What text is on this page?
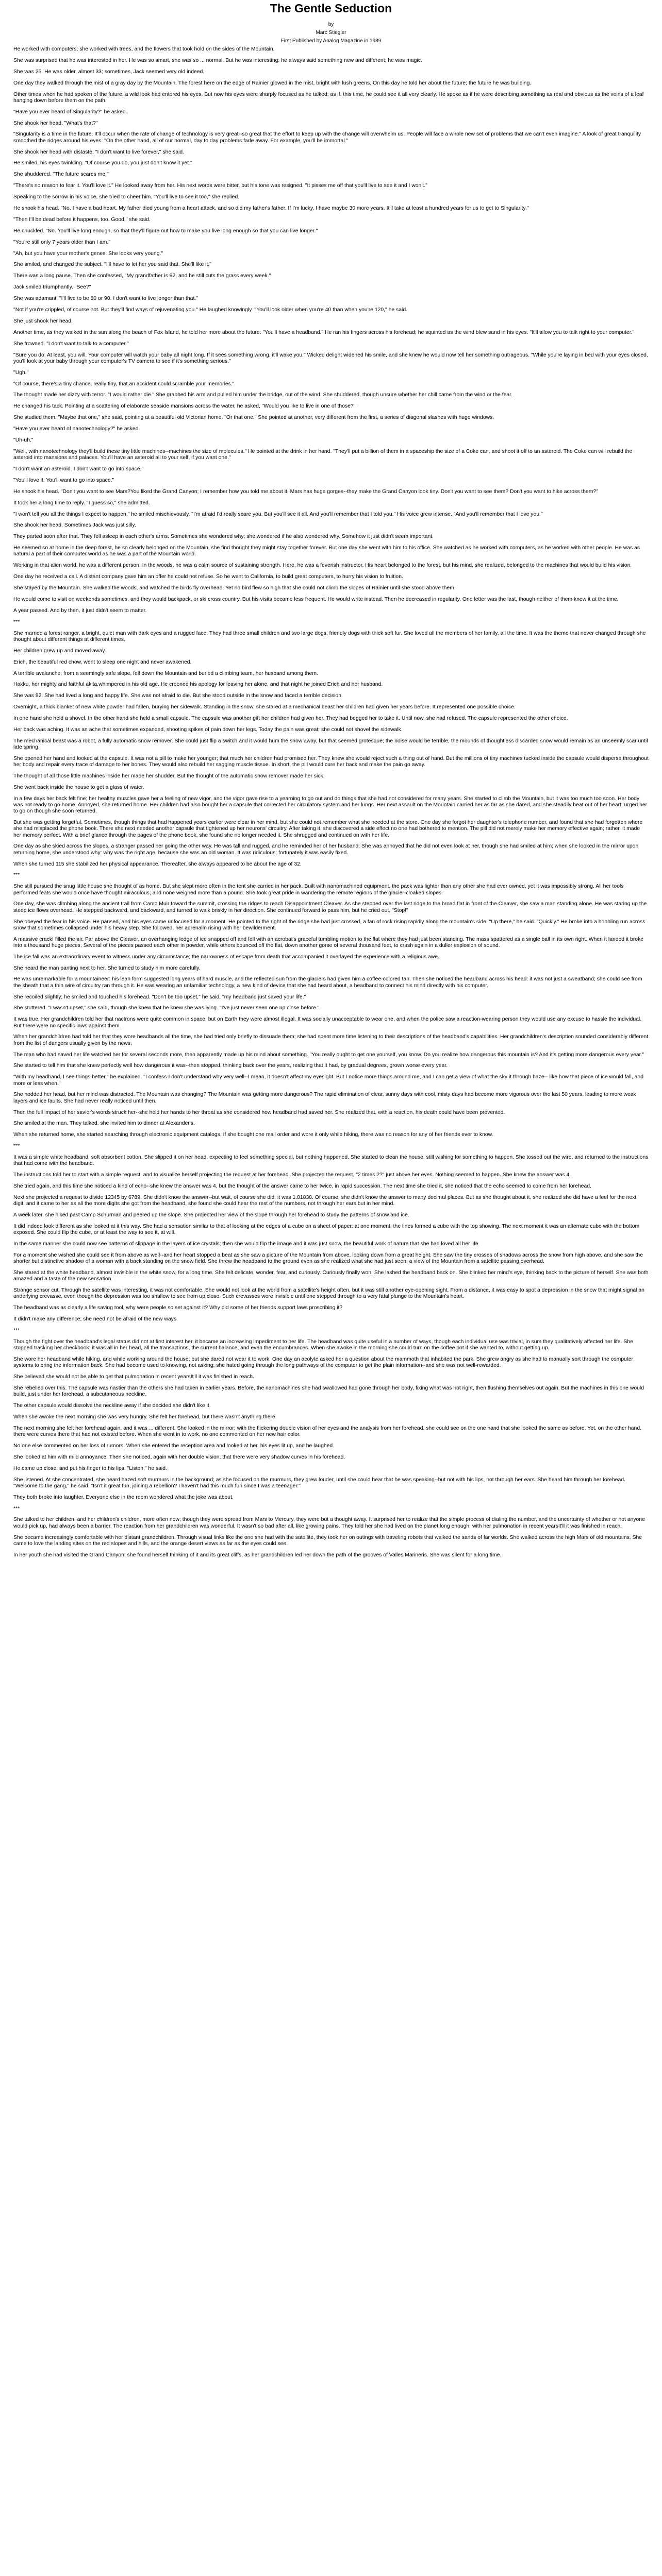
The Gentle Seduction
by
Marc Stiegler
First Published by Analog Magazine in 1989

He worked with computers; she worked with trees, and the flowers that took hold on the sides of the Mountain.

She was surprised that he was interested in her. He was so smart, she was so ... normal. But he was interesting; he always said something new and different; he was magic.

She was 25. He was older, almost 33; sometimes, Jack seemed very old indeed.

One day they walked through the mist of a gray day by the Mountain. The forest here on the edge of Rainier glowed in the mist, bright with lush greens. On this day he told her about the future; the future he was building.

Other times when he had spoken of the future, a wild look had entered his eyes. But now his eyes were sharply focused as he talked; as if, this time, he could see it all very clearly. He spoke as if he were describing something as real and obvious as the veins of a leaf hanging down before them on the path.

"Have you ever heard of Singularity?" he asked.

She shook her head. "What's that?"

"Singularity is a time in the future. It'll occur when the rate of change of technology is very great--so great that the effort to keep up with the change will overwhelm us. People will face a whole new set of problems that we can't even imagine." A look of great tranquility smoothed the ridges around his eyes. "On the other hand, all of our normal, day to day problems fade away. For example, you'll be immortal."

She shook her head with distaste. "I don't want to live forever," she said.

He smiled, his eyes twinkling. "Of course you do, you just don't know it yet."

She shuddered. "The future scares me."

"There's no reason to fear it. You'll love it." He looked away from her. His next words were bitter, but his tone was resigned. "It pisses me off that you'll live to see it and I won't."

Speaking to the sorrow in his voice, she tried to cheer him. "You'll live to see it too," she replied.

He shook his head. "No. I have a bad heart. My father died young from a heart attack, and so did my father's father. If I'm lucky, I have maybe 30 more years. It'll take at least a hundred years for us to get to Singularity."

"Then I'll be dead before it happens, too. Good," she said.

He chuckled. "No. You'll live long enough, so that they'll figure out how to make you live long enough so that you can live longer."

"You're still only 7 years older than I am."

"Ah, but you have your mother's genes. She looks very young."

She smiled, and changed the subject. "I'll have to let her you said that. She'll like it."

There was a long pause. Then she confessed, "My grandfather is 92, and he still cuts the grass every week."

Jack smiled triumphantly. "See?"

She was adamant. "I'll live to be 80 or 90. I don't want to live longer than that."

"Not if you're crippled, of course not. But they'll find ways of rejuvenating you." He laughed knowingly. "You'll look older when you're 40 than when you're 120," he said.

She just shook her head.

Another time, as they walked in the sun along the beach of Fox Island, he told her more about the future. "You'll have a headband." He ran his fingers across his forehead; he squinted as the wind blew sand in his eyes. "It'll allow you to talk right to your computer."

She frowned. "I don't want to talk to a computer."

"Sure you do. At least, you will. Your computer will watch your baby all night long. If it sees something wrong, it'll wake you." Wicked delight widened his smile, and she knew he would now tell her something outrageous. "While you're laying in bed with your eyes closed, you'll look at your baby through your computer's TV camera to see if it's something serious."

"Ugh."

"Of course, there's a tiny chance, really tiny, that an accident could scramble your memories."

The thought made her dizzy with terror. "I would rather die." She grabbed his arm and pulled him under the bridge, out of the wind. She shuddered, though unsure whether her chill came from the wind or the fear.

He changed his tack. Pointing at a scattering of elaborate seaside mansions across the water, he asked, "Would you like to live in one of those?"

She studied them. "Maybe that one," she said, pointing at a beautiful old Victorian home. "Or that one." She pointed at another, very different from the first, a series of diagonal slashes with huge windows.

"Have you ever heard of nanotechnology?" he asked.

"Uh-uh."

"Well, with nanotechnology they'll build these tiny little machines--machines the size of molecules." He pointed at the drink in her hand. "They'll put a billion of them in a spaceship the size of a Coke can, and shoot it off to an asteroid. The Coke can will rebuild the asteroid into mansions and palaces. You'll have an asteroid all to your self, if you want one."

"I don't want an asteroid. I don't want to go into space."

"You'll love it. You'll want to go into space."

He shook his head. "Don't you want to see Mars?You liked the Grand Canyon; I remember how you told me about it. Mars has huge gorges--they make the Grand Canyon look tiny. Don't you want to see them? Don't you want to hike across them?"

It took her a long time to reply. "I guess so," she admitted.

"I won't tell you all the things I expect to happen," he smiled mischievously. "I'm afraid I'd really scare you. But you'll see it all. And you'll remember that I told you." His voice grew intense. "And you'll remember that I love you."

She shook her head. Sometimes Jack was just silly.

They parted soon after that. They fell asleep in each other's arms. Sometimes she wondered why; she wondered if he also wondered why. Somehow it just didn't seem important.

He seemed so at home in the deep forest, he so clearly belonged on the Mountain, she find thought they might stay together forever. But one day she went with him to his office. She watched as he worked with computers, as he worked with other people. He was as natural a part of their computer world as he was a part of the Mountain world.

Working in that alien world, he was a different person. In the woods, he was a calm source of sustaining strength. Here, he was a feverish instructor. His heart belonged to the forest, but his mind, she realized, belonged to the machines that would build his vision.

One day he received a call. A distant company gave him an offer he could not refuse. So he went to California, to build great computers, to hurry his vision to fruition.

She stayed by the Mountain. She walked the woods, and watched the birds fly overhead. Yet no bird flew so high that she could not climb the slopes of Rainier until she stood above them.

He would come to visit on weekends sometimes, and they would backpack, or ski cross country. But his visits became less frequent. He would write instead. Then he decreased in regularity. One letter was the last, though neither of them knew it at the time.

A year passed. And by then, it just didn't seem to matter.

***

She married a forest ranger, a bright, quiet man with dark eyes and a rugged face. They had three small children and two large dogs, friendly dogs with thick soft fur. She loved all the members of her family, all the time. It was the theme that never changed through she thought about different things at different times.

Her children grew up and moved away.

Erich, the beautiful red chow, went to sleep one night and never awakened.

A terrible avalanche, from a seemingly safe slope, fell down the Mountain and buried a climbing team, her husband among them.

Hakku, her mighty and faithful akita,whimpered in his old age. He crooned his apology for leaving her alone, and that night he joined Erich and her husband.

She was 82. She had lived a long and happy life. She was not afraid to die. But she stood outside in the snow and faced a terrible decision.

Overnight, a thick blanket of new white powder had fallen, burying her sidewalk. Standing in the snow, she stared at a mechanical beast her children had given her years before. It represented one possible choice.

In one hand she held a shovel. In the other hand she held a small capsule. The capsule was another gift her children had given her. They had begged her to take it. Until now, she had refused. The capsule represented the other choice.

Her back was aching. It was an ache that sometimes expanded, shooting spikes of pain down her legs. Today the pain was great; she could not shovel the sidewalk.

The mechanical beast was a robot, a fully automatic snow remover. She could just flip a switch and it would hum the snow away, but that seemed grotesque; the noise would be terrible, the mounds of thoughtless discarded snow would remain as an unseemly scar until late spring.

She opened her hand and looked at the capsule. It was not a pill to make her younger; that much her children had promised her. They knew she would reject such a thing out of hand. But the millions of tiny machines tucked inside the capsule would disperse throughout her body and repair every trace of damage to her bones. They would also rebuild her sagging muscle tissue. In short, the pill would cure her back and make the pain go away.

The thought of all those little machines inside her made her shudder. But the thought of the automatic snow remover made her sick.

She went back inside the house to get a glass of water.

In a few days her back felt fine; her healthy muscles gave her a feeling of new vigor, and the vigor gave rise to a yearning to go out and do things that she had not considered for many years. She started to climb the Mountain, but it was too much too soon. Her body was not ready to go home. Annoyed, she returned home. Her children had also bought her a capsule that corrected her circulatory system and her lungs. Her next assault on the Mountain carried her as far as she dared, and she steadily beat out of her heart; urged her to go on though she soon returned.

But she was getting forgetful. Sometimes, though things that had happened years earlier were clear in her mind, but she could not remember what she needed at the store. One day she forgot her daughter's telephone number, and found that she had forgotten where she had misplaced the phone book. There she next needed another capsule that tightened up her neurons' circuitry. After taking it, she discovered a side effect no one had bothered to mention. The pill did not merely make her memory effective again; rather, it made her memory perfect. With a brief glance through the pages of the phone book, she found she no longer needed it. She shrugged and continued on with her life.

One day as she skied across the slopes, a stranger passed her going the other way. He was tall and rugged, and he reminded her of her husband. She was annoyed that he did not even look at her, though she had smiled at him; when she looked in the mirror upon returning home, she understood why: why was the right age, because she was an old woman. It was ridiculous; fortunately it was easily fixed.

When she turned 115 she stabilized her physical appearance. Thereafter, she always appeared to be about the age of 32.

***

She still pursued the snug little house she thought of as home. But she slept more often in the tent she carried in her pack. Built with nanomachined equipment, the pack was lighter than any other she had ever owned, yet it was impossibly strong. All her tools performed feats she would once have thought miraculous, and none weighed more than a pound. She took great pride in wandering the remote regions of the glacier-cloaked slopes.

One day, she was climbing along the ancient trail from Camp Muir toward the summit, crossing the ridges to reach Disappointment Cleaver. As she stepped over the last ridge to the broad flat in front of the Cleaver, she saw a man standing alone. He was staring up the steep ice flows overhead. He stepped backward, and backward, and turned to walk briskly in her direction. She continued forward to pass him, but he cried out, "Stop!"

She obeyed the fear in his voice. He paused, and his eyes came unfocused for a moment. He pointed to the right of the ridge she had just crossed, a fan of rock rising rapidly along the mountain's side. "Up there," he said. "Quickly." He broke into a hobbling run across snow that sometimes collapsed under his heavy step. She followed, her adrenalin rising with her bewilderment.

A massive crack! filled the air. Far above the Cleaver, an overhanging ledge of ice snapped off and fell with an acrobat's graceful tumbling motion to the flat where they had just been standing. The mass spattered as a single ball in its own right. When it landed it broke into a thousand huge pieces. Several of the pieces passed each other in powder, while others bounced off the flat, down another gorse of several thousand feet, to crash again in a duller explosion of sound.

The ice fall was an extraordinary event to witness under any circumstance; the narrowness of escape from death that accompanied it overlayed the experience with a religious awe.

She heard the man panting next to her. She turned to study him more carefully.

He was unremarkable for a mountaineer: his lean form suggested long years of hard muscle, and the reflected sun from the glaciers had given him a coffee-colored tan. Then she noticed the headband across his head: it was not just a sweatband; she could see from the sheath that a thin wire of circuitry ran through it. He was wearing an unfamiliar technology, a new kind of device that she had heard about, a headband to connect his mind directly with his computer.

She recoiled slightly; he smiled and touched his forehead. "Don't be too upset," he said, "my headband just saved your life."

She stuttered. "I wasn't upset," she said, though she knew that he knew she was lying. "I've just never seen one up close before."

It was true. Her grandchildren told her that nactrons were quite common in space, but on Earth they were almost illegal. It was socially unacceptable to wear one, and when the police saw a reaction-wearing person they would use any excuse to hassle the individual. But there were no specific laws against them.

When her grandchildren had told her that they wore headbands all the time, she had tried only briefly to dissuade them; she had spent more time listening to their descriptions of the headband's capabilities. Her grandchildren's description sounded considerably different from the list of dangers usually given by the news.

The man who had saved her life watched her for several seconds more, then apparently made up his mind about something. "You really ought to get one yourself, you know. Do you realize how dangerous this mountain is? And it's getting more dangerous every year."

She started to tell him that she knew perfectly well how dangerous it was--then stopped, thinking back over the years, realizing that it had, by gradual degrees, grown worse every year.

"With my headband, I see things better," he explained. "I confess I don't understand why very well--I mean, it doesn't affect my eyesight. But I notice more things around me, and I can get a view of what the sky it through haze-- like how that piece of ice would fall, and more or less when."

She nodded her head, but her mind was distracted. The Mountain was changing? The Mountain was getting more dangerous? The rapid elimination of clear, sunny days with cool, misty days had become more vigorous over the last 50 years, leading to more weak layers and ice faults. She had never really noticed until then.

Then the full impact of her savior's words struck her--she held her hands to her throat as she considered how headband had saved her. She realized that, with a reaction, his death could have been prevented.

She smiled at the man. They talked, she invited him to dinner at Alexander's.

When she returned home, she started searching through electronic equipment catalogs. If she bought one mail order and wore it only while hiking, there was no reason for any of her friends ever to know.

***

It was a simple white headband, soft absorbent cotton. She slipped it on her head, expecting to feel something special, but nothing happened. She started to clean the house, still wishing for something to happen. She tossed out the wire, and returned to the instructions that had come with the headband.

The instructions told her to start with a simple request, and to visualize herself projecting the request at her forehead. She projected the request, "2 times 2?" just above her eyes. Nothing seemed to happen. She knew the answer was 4.

She tried again, and this time she noticed a kind of echo--she knew the answer was 4, but the thought of the answer came to her twice, in rapid succession. The next time she tried it, she noticed that the echo seemed to come from her forehead.

Next she projected a request to divide 12345 by 6789. She didn't know the answer--but wait, of course she did, it was 1.81838. Of course, she didn't know the answer to many decimal places. But as she thought about it, she realized she did have a feel for the next digit, and it came to her as all the more digits she got from the headband, she found she could hear the rest of the numbers, not through her ears but in her mind.

A week later, she hiked past Camp Schurman and peered up the slope. She projected her view of the slope through her forehead to study the patterns of snow and ice.

It did indeed look different as she looked at it this way. She had a sensation similar to that of looking at the edges of a cube on a sheet of paper: at one moment, the lines formed a cube with the top showing. The next moment it was an alternate cube with the bottom exposed. She could flip the cube, or at least the way to see it, at will.

In the same manner she could now see patterns of slippage in the layers of ice crystals; then she would flip the image and it was just snow, the beautiful work of nature that she had loved all her life.

For a moment she wished she could see it from above as well--and her heart stopped a beat as she saw a picture of the Mountain from above, looking down from a great height. She saw the tiny crosses of shadows across the snow from high above, and she saw the shorter but distinctive shadow of a woman with a back standing on the snow field. She threw the headband to the ground even as she realized what she had just seen: a view of the Mountain from a satellite passing overhead.

She stared at the white headband, almost invisible in the white snow, for a long time. She felt delicate, wonder, fear, and curiously. Curiously finally won. She lashed the headband back on. She blinked her mind's eye, thinking back to the picture of herself. She was both amazed and a taste of the new sensation.

Strange sensor cut. Through the satellite was interesting, it was not comfortable. She would not look at the world from a satellite's height often, but it was still another eye-opening sight. From a distance, it was easy to spot a depression in the snow that might signal an underlying crevasse, even though the depression was too shallow to see from up close. Such crevasses were invisible until one stepped through to a very fatal plunge to the Mountain's heart.

The headband was as clearly a life saving tool, why were people so set against it? Why did some of her friends support laws proscribing it?

It didn't make any difference; she need not be afraid of the new ways.

***

Though the fight over the headband's legal status did not at first interest her, it became an increasing impediment to her life. The headband was quite useful in a number of ways, though each individual use was trivial, in sum they qualitatively affected her life. She stopped tracking her checkbook; it was all in her head, all the transactions, the current balance, and even the encumbrances. When she awoke in the morning she could turn on the coffee pot if she wanted to, without getting up.

She wore her headband while hiking, and while working around the house; but she dared not wear it to work. One day an acolyte asked her a question about the mammoth that inhabited the park. She grew angry as she had to manually sort through the computer systems to bring the information back. She had become used to knowing, not asking; she hated going through the long pathways of the computer to get the plain information--and she was not well-rewarded.

She believed she would not be able to get that pulmonation in recent yearsIt'll it was finished in reach.

She rebelled over this. The capsule was nastier than the others she had taken in earlier years. Before, the nanomachines she had swallowed had gone through her body, fixing what was not right, then flushing themselves out again. But the machines in this one would build, just under her forehead, a subcutaneous neckline.

The other capsule would dissolve the neckline away if she decided she didn't like it.

When she awoke the next morning she was very hungry. She felt her forehead, but there wasn't anything there.

The next morning she felt her forehead again, and it was ... different. She looked in the mirror; with the flickering double vision of her eyes and the analysis from her forehead, she could see on the one hand that she looked the same as before. Yet, on the other hand, there were curves there that had not existed before. When she went in to work, no one commented on her new hair color.

No one else commented on her loss of rumors. When she entered the reception area and looked at her, his eyes lit up, and he laughed.

She looked at him with mild annoyance. Then she noticed, again with her double vision, that there were very shadow curves in his forehead.

He came up close, and put his finger to his lips. "Listen," he said.

She listened. At she concentrated, she heard hazed soft murmurs in the background; as she focused on the murmurs, they grew louder, until she could hear that he was speaking--but not with his lips, not through her ears. She heard him through her forehead. "Welcome to the gang," he said. "Isn't it great fun, joining a rebellion? I haven't had this much fun since I was a teenager."

They both broke into laughter. Everyone else in the room wondered what the joke was about.

***

She talked to her children, and her children's children, more often now; though they were spread from Mars to Mercury, they were but a thought away. It surprised her to realize that the simple process of dialing the number, and the uncertainty of whether or not anyone would pick up, had always been a barrier. The reaction from her grandchildren was wonderful. It wasn't so bad after all, like growing pains. They told her she had lived on the planet long enough; with her pulmonation in recent yearsIt'll it was finished in reach.

She became increasingly comfortable with her distant grandchildren. Through visual links like the one she had with the satellite, they took her on outings with traveling robots that walked the sands of far worlds. She walked across the high Mars of old mountains. She came to love the landing sites on the red slopes and hills, and the orange desert views as far as the eyes could see.

In her youth she had visited the Grand Canyon; she found herself thinking of it and its great cliffs, as her grandchildren led her down the path of the grooves of Valles Marineris. She was silent for a long time.
